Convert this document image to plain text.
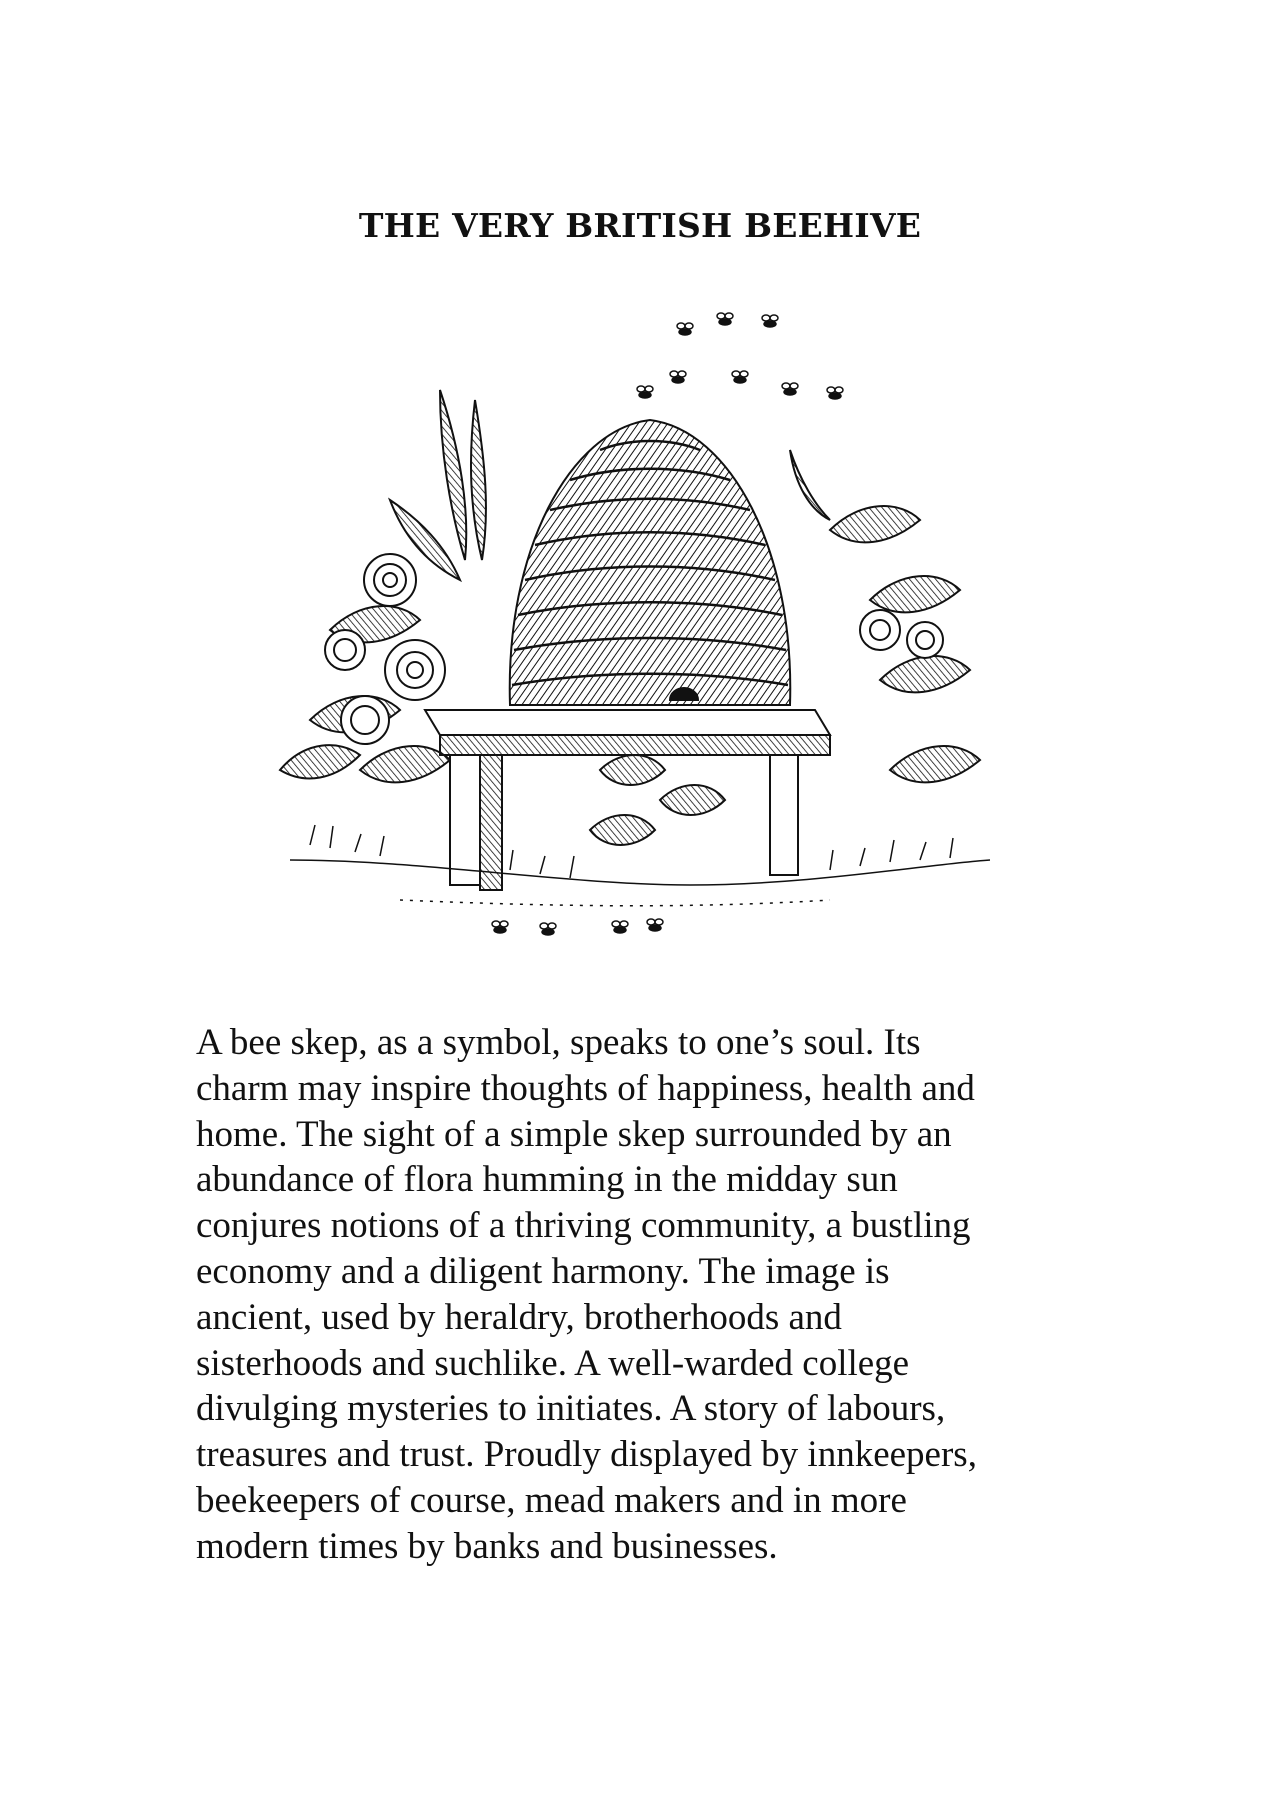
THE VERY BRITISH BEEHIVE
A bee skep, as a symbol, speaks to one’s soul. Its
charm may inspire thoughts of happiness, health and
home. The sight of a simple skep surrounded by an
abundance of flora humming in the midday sun
conjures notions of a thriving community, a bustling
economy and a diligent harmony. The image is
ancient, used by heraldry, brotherhoods and
sisterhoods and suchlike. A well-warded college
divulging mysteries to initiates. A story of labours,
treasures and trust. Proudly displayed by innkeepers,
beekeepers of course, mead makers and in more
modern times by banks and businesses.
